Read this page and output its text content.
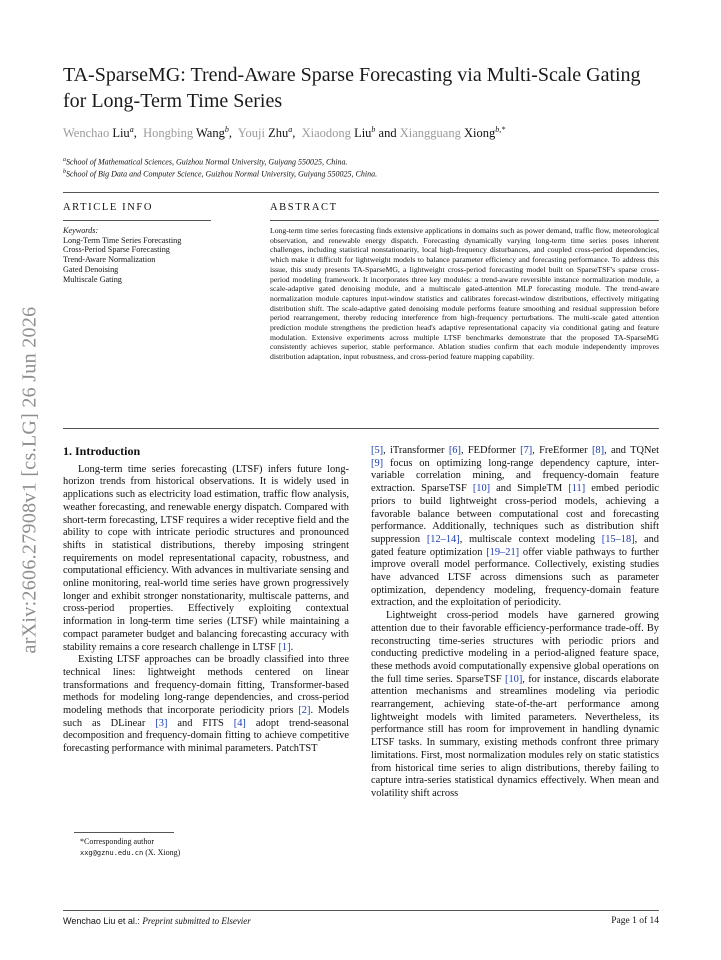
arXiv:2606.27908v1 [cs.LG] 26 Jun 2026
TA-SparseMG: Trend-Aware Sparse Forecasting via Multi-Scale Gating for Long-Term Time Series
Wenchao Liu$^a$,  Hongbing Wang$^b$,  Youji Zhu$^a$,  Xiaodong Liu$^b$ and Xiangguang Xiong$^{b,*}$
$^a$School of Mathematical Sciences, Guizhou Normal University, Guiyang 550025, China.
$^b$School of Big Data and Computer Science, Guizhou Normal University, Guiyang 550025, China.
ARTICLE INFO	ABSTRACT
Keywords:
Long-Term Time Series Forecasting
Cross-Period Sparse Forecasting
Trend-Aware Normalization
Gated Denoising
Multiscale Gating
Long-term time series forecasting finds extensive applications in domains such as power demand, traffic flow, meteorological observation, and renewable energy dispatch. Forecasting dynamically varying long-term time series poses inherent challenges, including statistical nonstationarity, local high-frequency disturbances, and coupled cross-period dependencies, which make it difficult for lightweight models to balance parameter efficiency and forecasting performance. To address this issue, this study presents TA-SparseMG, a lightweight cross-period forecasting model built on SparseTSF's sparse cross-period modeling framework. It incorporates three key modules: a trend-aware reversible instance normalization module, a scale-adaptive gated denoising module, and a multiscale gated-attention MLP forecasting module. The trend-aware normalization module captures input-window statistics and calibrates forecast-window distributions, effectively mitigating distribution shift. The scale-adaptive gated denoising module performs feature smoothing and residual suppression before period rearrangement, thereby reducing interference from high-frequency perturbations. The multi-scale gated attention prediction module strengthens the prediction head's adaptive representational capacity via conditional gating and feature modulation. Extensive experiments across multiple LTSF benchmarks demonstrate that the proposed TA-SparseMG consistently achieves superior, stable performance. Ablation studies confirm that each module independently improves distribution adaptation, input robustness, and cross-period feature mapping capability.
1. Introduction

Long-term time series forecasting (LTSF) infers future long-horizon trends from historical observations. It is widely used in applications such as electricity load estimation, traffic flow analysis, weather forecasting, and renewable energy dispatch. Compared with short-term forecasting, LTSF requires a wider receptive field and the ability to cope with intricate periodic structures and pronounced shifts in statistical distributions, thereby imposing stringent requirements on model representational capacity, robustness, and computational efficiency. With advances in multivariate sensing and online monitoring, real-world time series have grown progressively longer and exhibit stronger nonstationarity, multiscale patterns, and cross-period properties. Effectively exploiting contextual information in long-term time series (LTSF) while maintaining a compact parameter budget and balancing forecasting accuracy with stability remains a core research challenge in LTSF [1].

Existing LTSF approaches can be broadly classified into three technical lines: lightweight methods centered on linear transformations and frequency-domain fitting, Transformer-based methods for modeling long-range dependencies, and cross-period modeling methods that incorporate periodicity priors [2]. Models such as DLinear [3] and FITS [4] adopt trend-seasonal decomposition and frequency-domain fitting to achieve competitive forecasting performance with minimal parameters. PatchTST

[5], iTransformer [6], FEDformer [7], FreEformer [8], and TQNet [9] focus on optimizing long-range dependency capture, inter-variable correlation mining, and frequency-domain feature extraction. SparseTSF [10] and SimpleTM [11] embed periodic priors to build lightweight cross-period models, achieving a favorable balance between computational cost and forecasting performance. Additionally, techniques such as distribution shift suppression [12–14], multiscale context modeling [15–18], and gated feature optimization [19–21] offer viable pathways to further improve overall model performance. Collectively, existing studies have advanced LTSF across dimensions such as parameter optimization, dependency modeling, frequency-domain feature extraction, and the exploitation of periodicity.

Lightweight cross-period models have garnered growing attention due to their favorable efficiency-performance trade-off. By reconstructing time-series structures with periodic priors and conducting predictive modeling in a period-aligned feature space, these methods avoid computationally expensive global operations on the full time series. SparseTSF [10], for instance, discards elaborate attention mechanisms and streamlines modeling via periodic rearrangement, achieving state-of-the-art performance among lightweight models with limited parameters. Nevertheless, its performance still has room for improvement in handling dynamic LTSF tasks. In summary, existing methods confront three primary limitations. First, most normalization modules rely on static statistics from historical time series to align distributions, thereby failing to capture intra-series statistical dynamics effectively. When mean and volatility shift across

*Corresponding author
xxg@gznu.edu.cn (X. Xiong)
Wenchao Liu et al.: Preprint submitted to Elsevier	Page 1 of 14
